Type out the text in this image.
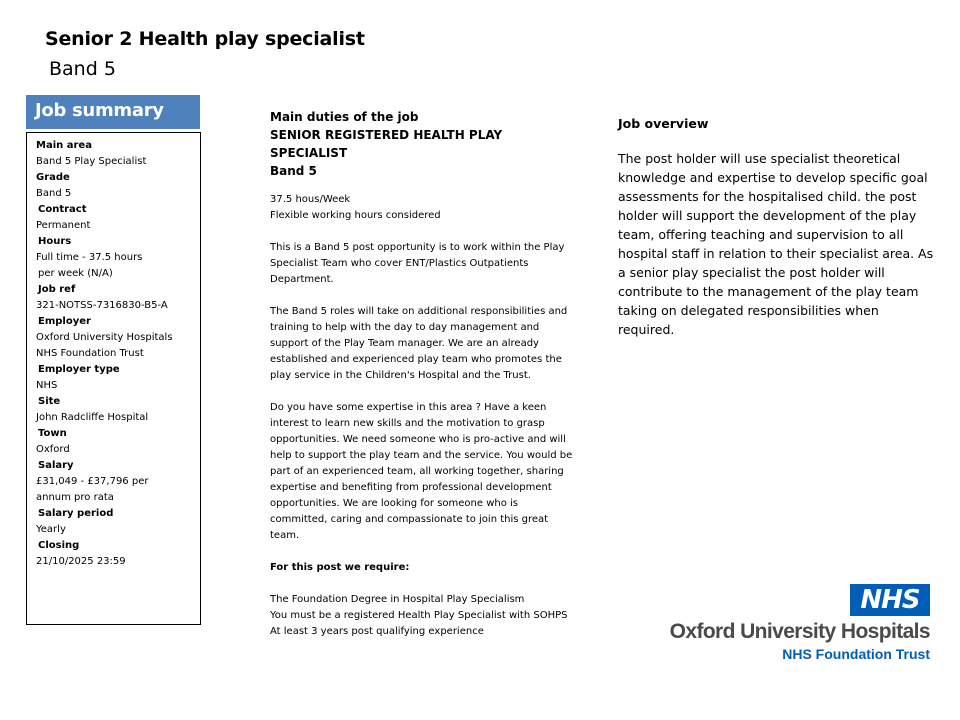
Senior 2 Health play specialist
Band 5
Job summary
Main area
Band 5 Play Specialist
Grade
Band 5
Contract
Permanent
Hours
Full time - 37.5 hours
per week (N/A)
Job ref
321-NOTSS-7316830-B5-A
Employer
Oxford University Hospitals
NHS Foundation Trust
Employer type
NHS
Site
John Radcliffe Hospital
Town
Oxford
Salary
£31,049 - £37,796 per
annum pro rata
Salary period
Yearly
Closing
21/10/2025 23:59
Main duties of the job
SENIOR REGISTERED HEALTH PLAY
SPECIALIST
Band 5
37.5 hous/Week
Flexible working hours considered
This is a Band 5 post opportunity is to work within the Play Specialist Team who cover ENT/Plastics Outpatients Department.
The Band 5 roles will take on additional responsibilities and training to help with the day to day management and support of the Play Team manager. We are an already established and experienced play team who promotes the play service in the Children's Hospital and the Trust.
Do you have some expertise in this area ? Have a keen interest to learn new skills and the motivation to grasp opportunities. We need someone who is pro-active and will help to support the play team and the service. You would be part of an experienced team, all working together, sharing expertise and benefiting from professional development opportunities. We are looking for someone who is committed, caring and compassionate to join this great team.
For this post we require:
The Foundation Degree in Hospital Play Specialism
You must be a registered Health Play Specialist with SOHPS
At least 3 years post qualifying experience
Job overview
The post holder will use specialist theoretical knowledge and expertise to develop specific goal assessments for the hospitalised child. the post holder will support the development of the play team, offering teaching and supervision to all hospital staff in relation to their specialist area. As a senior play specialist the post holder will contribute to the management of the play team taking on delegated responsibilities when required.
NHS
Oxford University Hospitals
NHS Foundation Trust
